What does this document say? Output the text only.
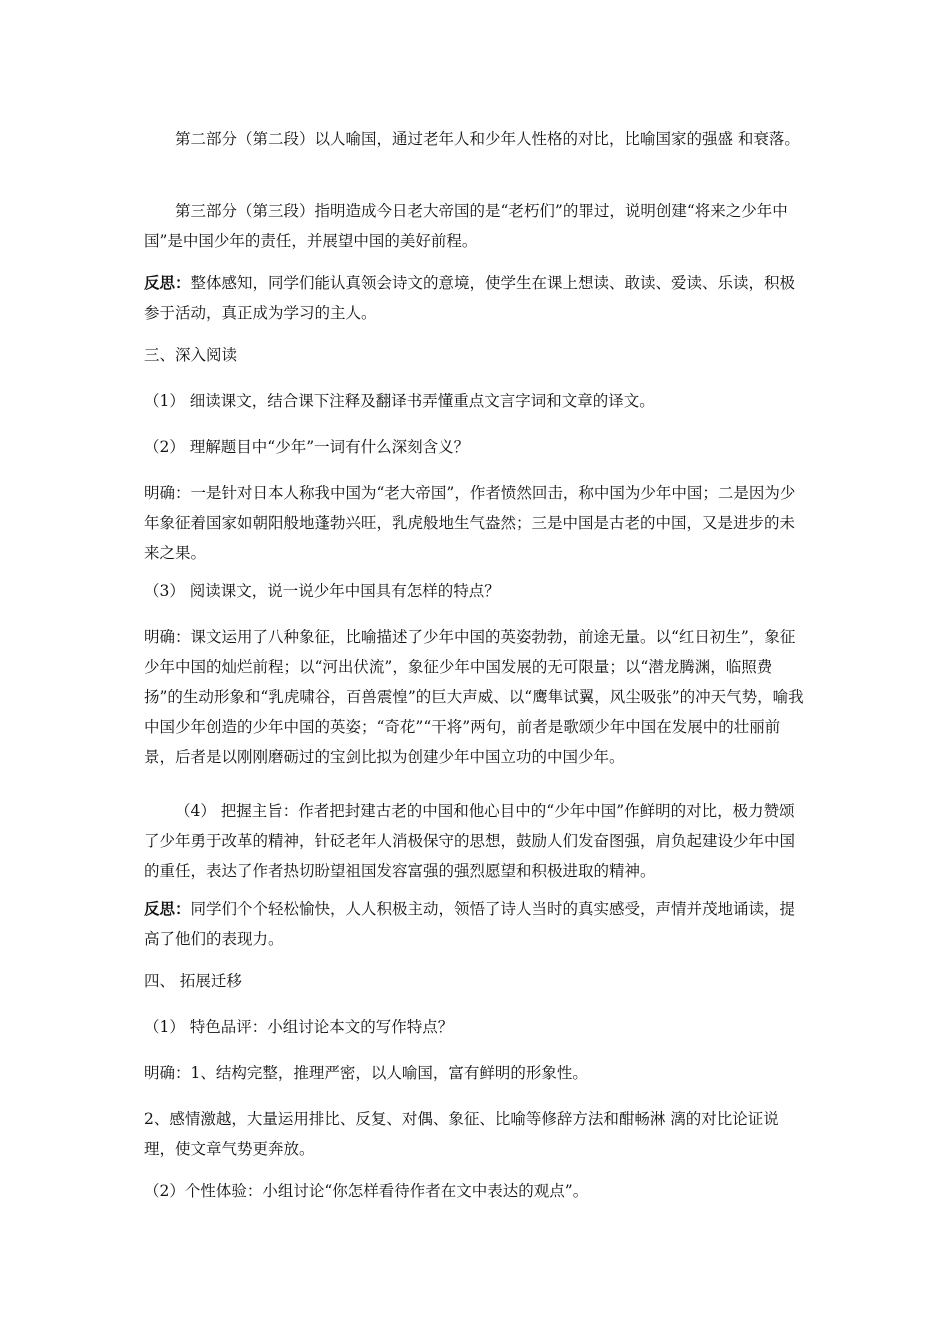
第二部分（第二段）以人喻国，通过老年人和少年人性格的对比，比喻国家的强盛 和衰落。

第三部分（第三段）指明造成今日老大帝国的是“老朽们”的罪过，说明创建“将来之少年中国”是中国少年的责任，并展望中国的美好前程。

反思：整体感知，同学们能认真领会诗文的意境，使学生在课上想读、敢读、爱读、乐读，积极参于活动，真正成为学习的主人。

三、深入阅读

（1） 细读课文，结合课下注释及翻译书弄懂重点文言字词和文章的译文。

（2） 理解题目中“少年”一词有什么深刻含义？

明确：一是针对日本人称我中国为“老大帝国”，作者愤然回击，称中国为少年中国；二是因为少年象征着国家如朝阳般地蓬勃兴旺，乳虎般地生气盎然；三是中国是古老的中国，又是进步的未来之果。

（3） 阅读课文，说一说少年中国具有怎样的特点？

明确：课文运用了八种象征，比喻描述了少年中国的英姿勃勃，前途无量。以“红日初生”，象征少年中国的灿烂前程；以“河出伏流”，象征少年中国发展的无可限量；以“潜龙腾渊，临照费扬”的生动形象和“乳虎啸谷，百兽震惶”的巨大声威、以“鹰隼试翼，风尘吸张”的冲天气势，喻我中国少年创造的少年中国的英姿；“奇花”“干将”两句，前者是歌颂少年中国在发展中的壮丽前景，后者是以刚刚磨砺过的宝剑比拟为创建少年中国立功的中国少年。

（4） 把握主旨：作者把封建古老的中国和他心目中的“少年中国”作鲜明的对比，极力赞颂了少年勇于改革的精神，针砭老年人消极保守的思想，鼓励人们发奋图强，肩负起建设少年中国的重任，表达了作者热切盼望祖国发容富强的强烈愿望和积极进取的精神。

反思：同学们个个轻松愉快，人人积极主动，领悟了诗人当时的真实感受，声情并茂地诵读，提高了他们的表现力。

四、 拓展迁移

（1） 特色品评：小组讨论本文的写作特点？

明确：1、结构完整，推理严密，以人喻国，富有鲜明的形象性。

2、感情激越，大量运用排比、反复、对偶、象征、比喻等修辞方法和酣畅淋 漓的对比论证说理，使文章气势更奔放。

（2）个性体验：小组讨论“你怎样看待作者在文中表达的观点”。
